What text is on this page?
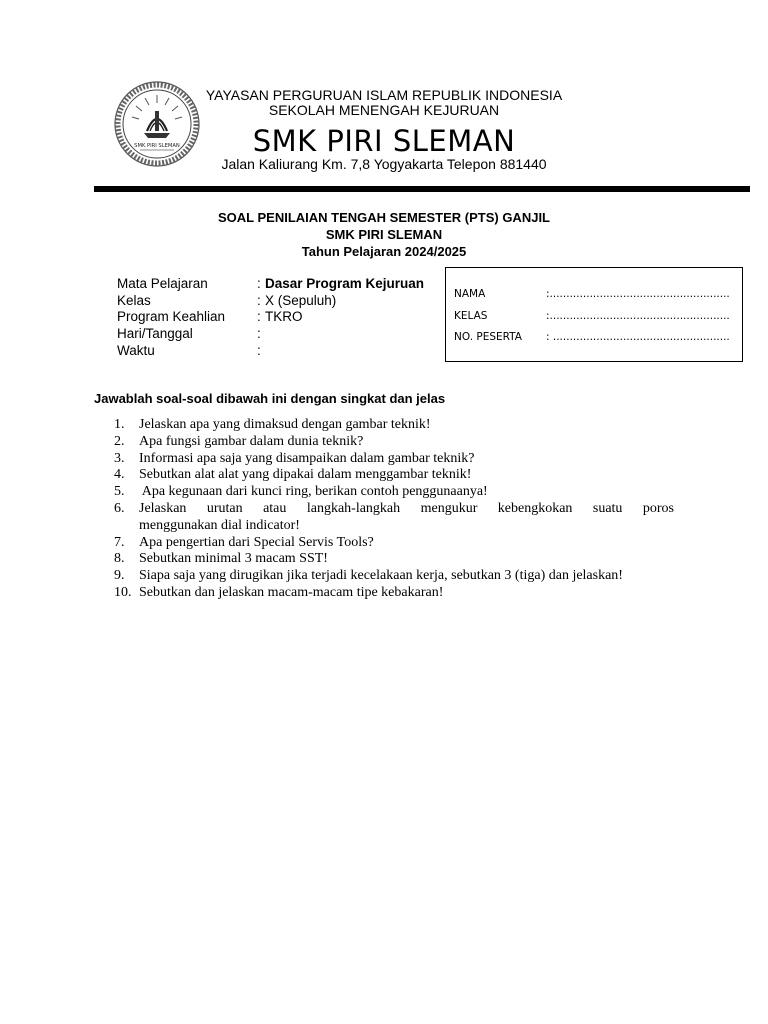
SMK PIRI SLEMAN
YAYASAN PERGURUAN ISLAM REPUBLIK INDONESIA
SEKOLAH MENENGAH KEJURUAN
SMK PIRI SLEMAN
Jalan Kaliurang Km. 7,8 Yogyakarta Telepon 881440
SOAL PENILAIAN TENGAH SEMESTER (PTS) GANJIL
SMK PIRI SLEMAN
Tahun Pelajaran 2024/2025
Mata Pelajaran	: Dasar Program Kejuruan
Kelas	: X (Sepuluh)
Program Keahlian : TKRO
Hari/Tanggal	:
Waktu	:
NAMA	:......................................................
KELAS	:......................................................
NO. PESERTA : .....................................................
Jawablah soal-soal dibawah ini dengan singkat dan jelas
1.	Jelaskan apa yang dimaksud dengan gambar teknik!
2.	Apa fungsi gambar dalam dunia teknik?
3.	Informasi apa saja yang disampaikan dalam gambar teknik?
4.	Sebutkan alat alat yang dipakai dalam menggambar teknik!
5.	Apa kegunaan dari kunci ring, berikan contoh penggunaanya!
6.	Jelaskan urutan atau langkah-langkah mengukur kebengkokan suatu poros
menggunakan dial indicator!
7.	Apa pengertian dari Special Servis Tools?
8.	Sebutkan minimal 3 macam SST!
9.	Siapa saja yang dirugikan jika terjadi kecelakaan kerja, sebutkan 3 (tiga) dan jelaskan!
10. Sebutkan dan jelaskan macam-macam tipe kebakaran!
